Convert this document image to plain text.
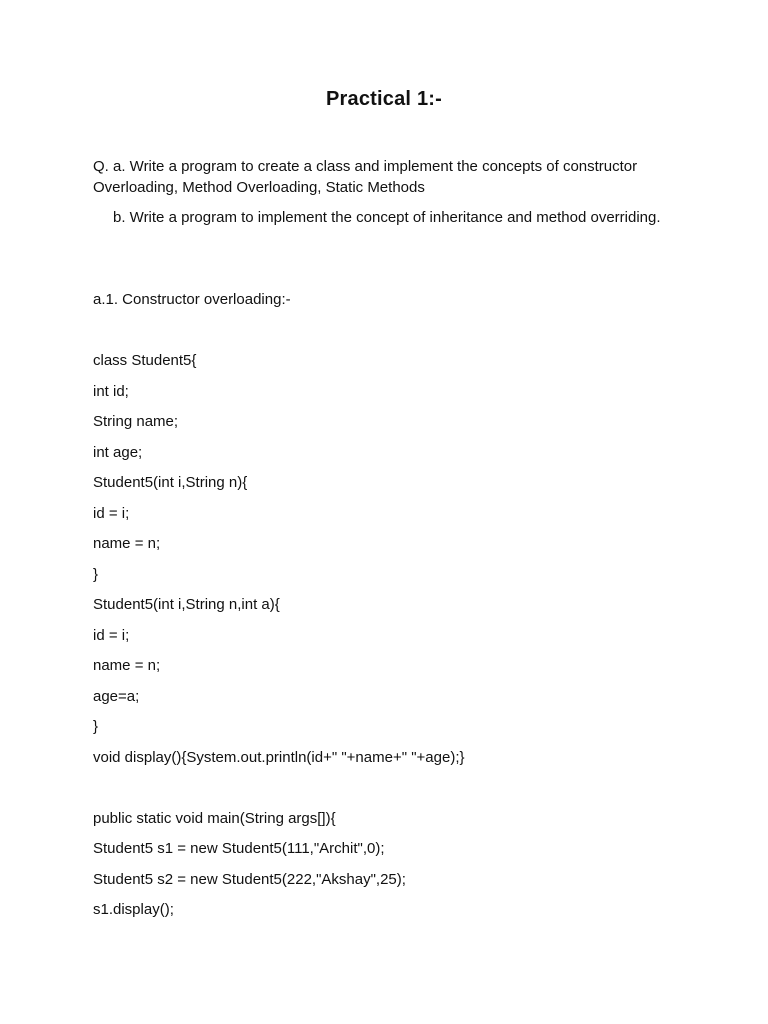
Practical 1:-
Q. a. Write a program to create a class and implement the concepts of constructor Overloading, Method Overloading, Static Methods
b. Write a program to implement the concept of inheritance and method overriding.
a.1. Constructor overloading:-
class Student5{
int id;
String name;
int age;
Student5(int i,String n){
id = i;
name = n;
}
Student5(int i,String n,int a){
id = i;
name = n;
age=a;
}
void display(){System.out.println(id+" "+name+" "+age);}
public static void main(String args[]){
Student5 s1 = new Student5(111,"Archit",0);
Student5 s2 = new Student5(222,"Akshay",25);
s1.display();
